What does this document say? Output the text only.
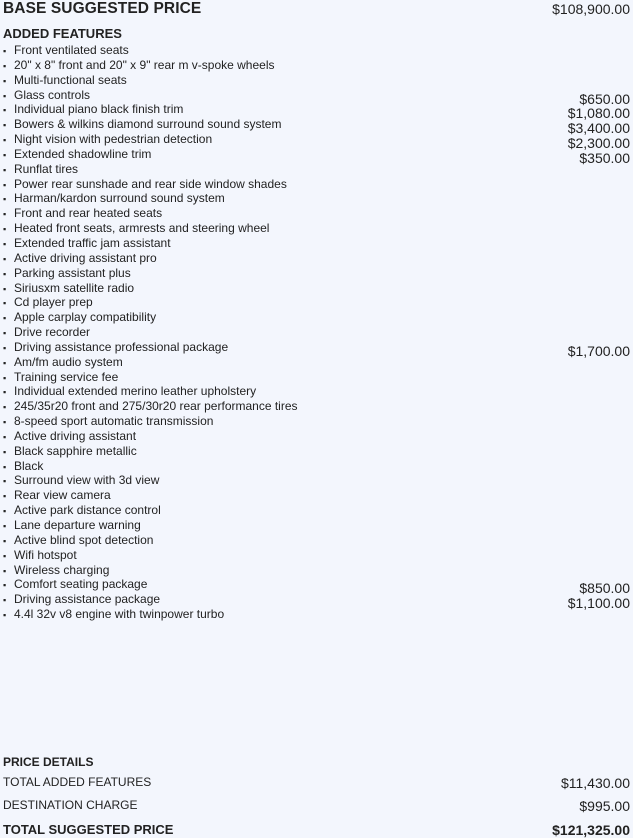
BASE SUGGESTED PRICE	$108,900.00
ADDED FEATURES
▪ Front ventilated seats
▪ 20" x 8" front and 20" x 9" rear m v-spoke wheels
▪ Multi-functional seats
▪ Glass controls	$650.00
▪ Individual piano black finish trim	$1,080.00
▪ Bowers & wilkins diamond surround sound system	$3,400.00
▪ Night vision with pedestrian detection	$2,300.00
▪ Extended shadowline trim	$350.00
▪ Runflat tires
▪ Power rear sunshade and rear side window shades
▪ Harman/kardon surround sound system
▪ Front and rear heated seats
▪ Heated front seats, armrests and steering wheel
▪ Extended traffic jam assistant
▪ Active driving assistant pro
▪ Parking assistant plus
▪ Siriusxm satellite radio
▪ Cd player prep
▪ Apple carplay compatibility
▪ Drive recorder
▪ Driving assistance professional package	$1,700.00
▪ Am/fm audio system
▪ Training service fee
▪ Individual extended merino leather upholstery
▪ 245/35r20 front and 275/30r20 rear performance tires
▪ 8-speed sport automatic transmission
▪ Active driving assistant
▪ Black sapphire metallic
▪ Black
▪ Surround view with 3d view
▪ Rear view camera
▪ Active park distance control
▪ Lane departure warning
▪ Active blind spot detection
▪ Wifi hotspot
▪ Wireless charging
▪ Comfort seating package	$850.00
▪ Driving assistance package	$1,100.00
▪ 4.4l 32v v8 engine with twinpower turbo
PRICE DETAILS
TOTAL ADDED FEATURES	$11,430.00
DESTINATION CHARGE	$995.00
TOTAL SUGGESTED PRICE	$121,325.00
